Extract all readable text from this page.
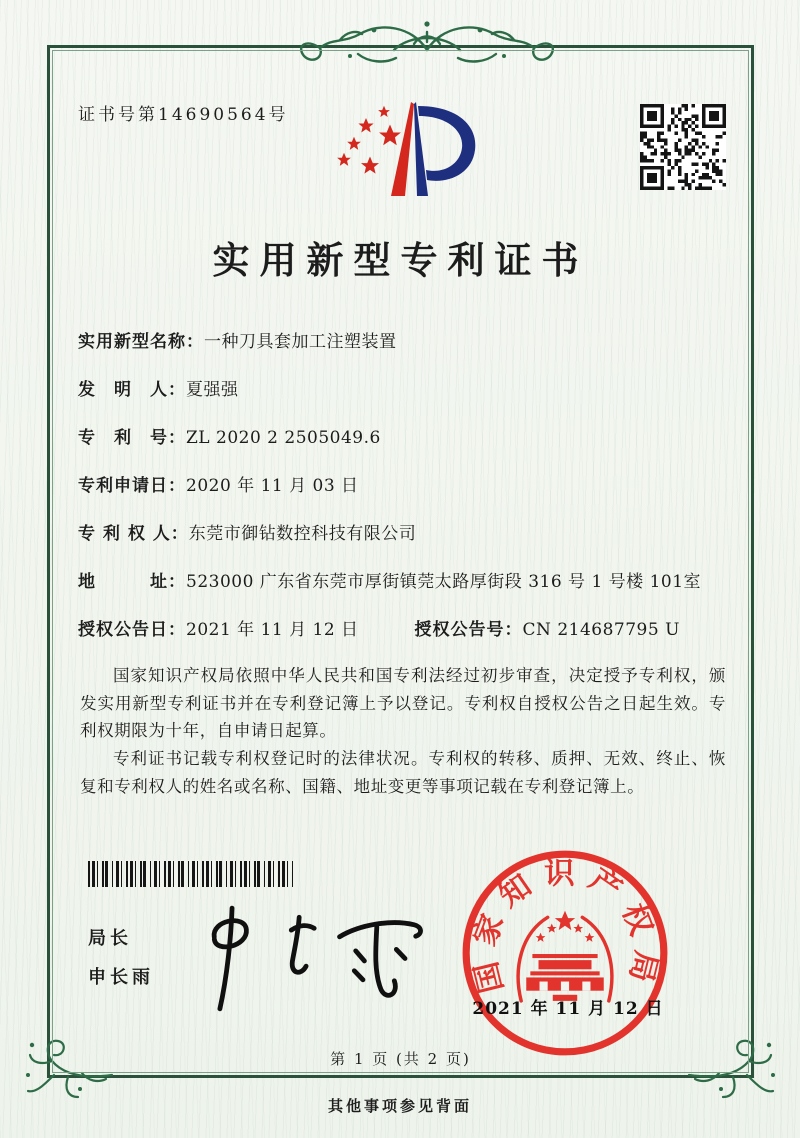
证书号第14690564号
实用新型专利证书
实用新型名称： 一种刀具套加工注塑装置
发　明　人： 夏强强
专　利　号： ZL 2020 2 2505049.6
专利申请日： 2020 年 11 月 03 日
专 利 权 人： 东莞市御钻数控科技有限公司
地　　　址： 523000 广东省东莞市厚街镇莞太路厚街段 316 号 1 号楼 101室
授权公告日： 2021 年 11 月 12 日	授权公告号： CN 214687795 U

国家知识产权局依照中华人民共和国专利法经过初步审查，决定授予专利权，颁发实用新型专利证书并在专利登记簿上予以登记。专利权自授权公告之日起生效。专利权期限为十年，自申请日起算。

专利证书记载专利权登记时的法律状况。专利权的转移、质押、无效、终止、恢复和专利权人的姓名或名称、国籍、地址变更等事项记载在专利登记簿上。

局长
申长雨	国家知识产权局
2021 年 11 月 12 日
第 1 页 (共 2 页)
其他事项参见背面
